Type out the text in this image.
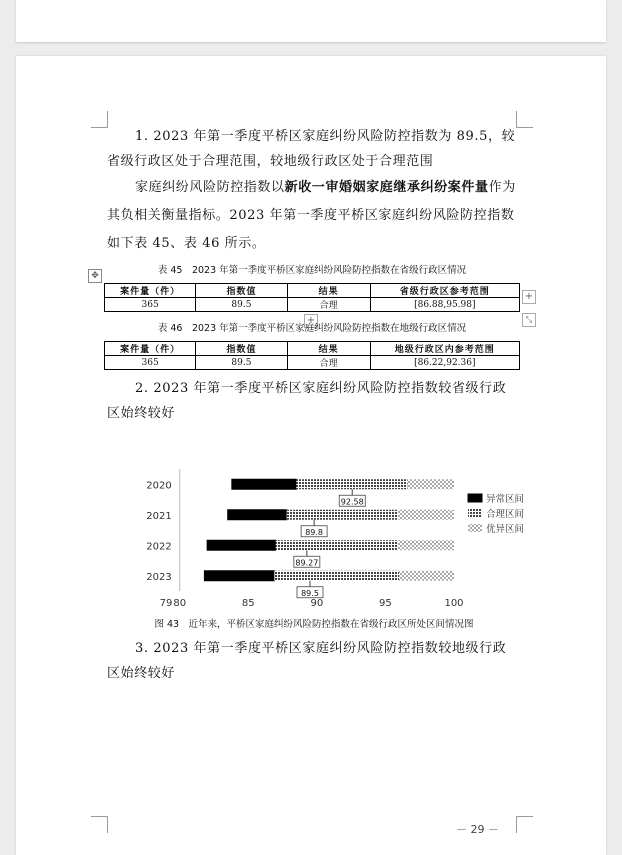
1. 2023 年第一季度平桥区家庭纠纷风险防控指数为 89.5，较省级行政区处于合理范围，较地级行政区处于合理范围
家庭纠纷风险防控指数以新收一审婚姻家庭继承纠纷案件量作为其负相关衡量指标。2023 年第一季度平桥区家庭纠纷风险防控指数如下表 45、表 46 所示。
✥	表 45　2023 年第一季度平桥区家庭纠纷风险防控指数在省级行政区情况
案件量（件）	指数值	结果	省级行政区参考范围
365	89.5	合理	[86.88,95.98]
+
⤡
+
表 46　2023 年第一季度平桥区家庭纠纷风险防控指数在地级行政区情况
案件量（件）	指数值	结果	地级行政区内参考范围
365	89.5	合理	[86.22,92.36]
2. 2023 年第一季度平桥区家庭纠纷风险防控指数较省级行政区始终较好
79 80	85	90	95	100
2020
2021
2022
2023
92.58
89.8
89.27
89.5
异常区间
合理区间
优异区间
图 43　近年来，平桥区家庭纠纷风险防控指数在省级行政区所处区间情况图
3. 2023 年第一季度平桥区家庭纠纷风险防控指数较地级行政区始终较好
－ 29 －
